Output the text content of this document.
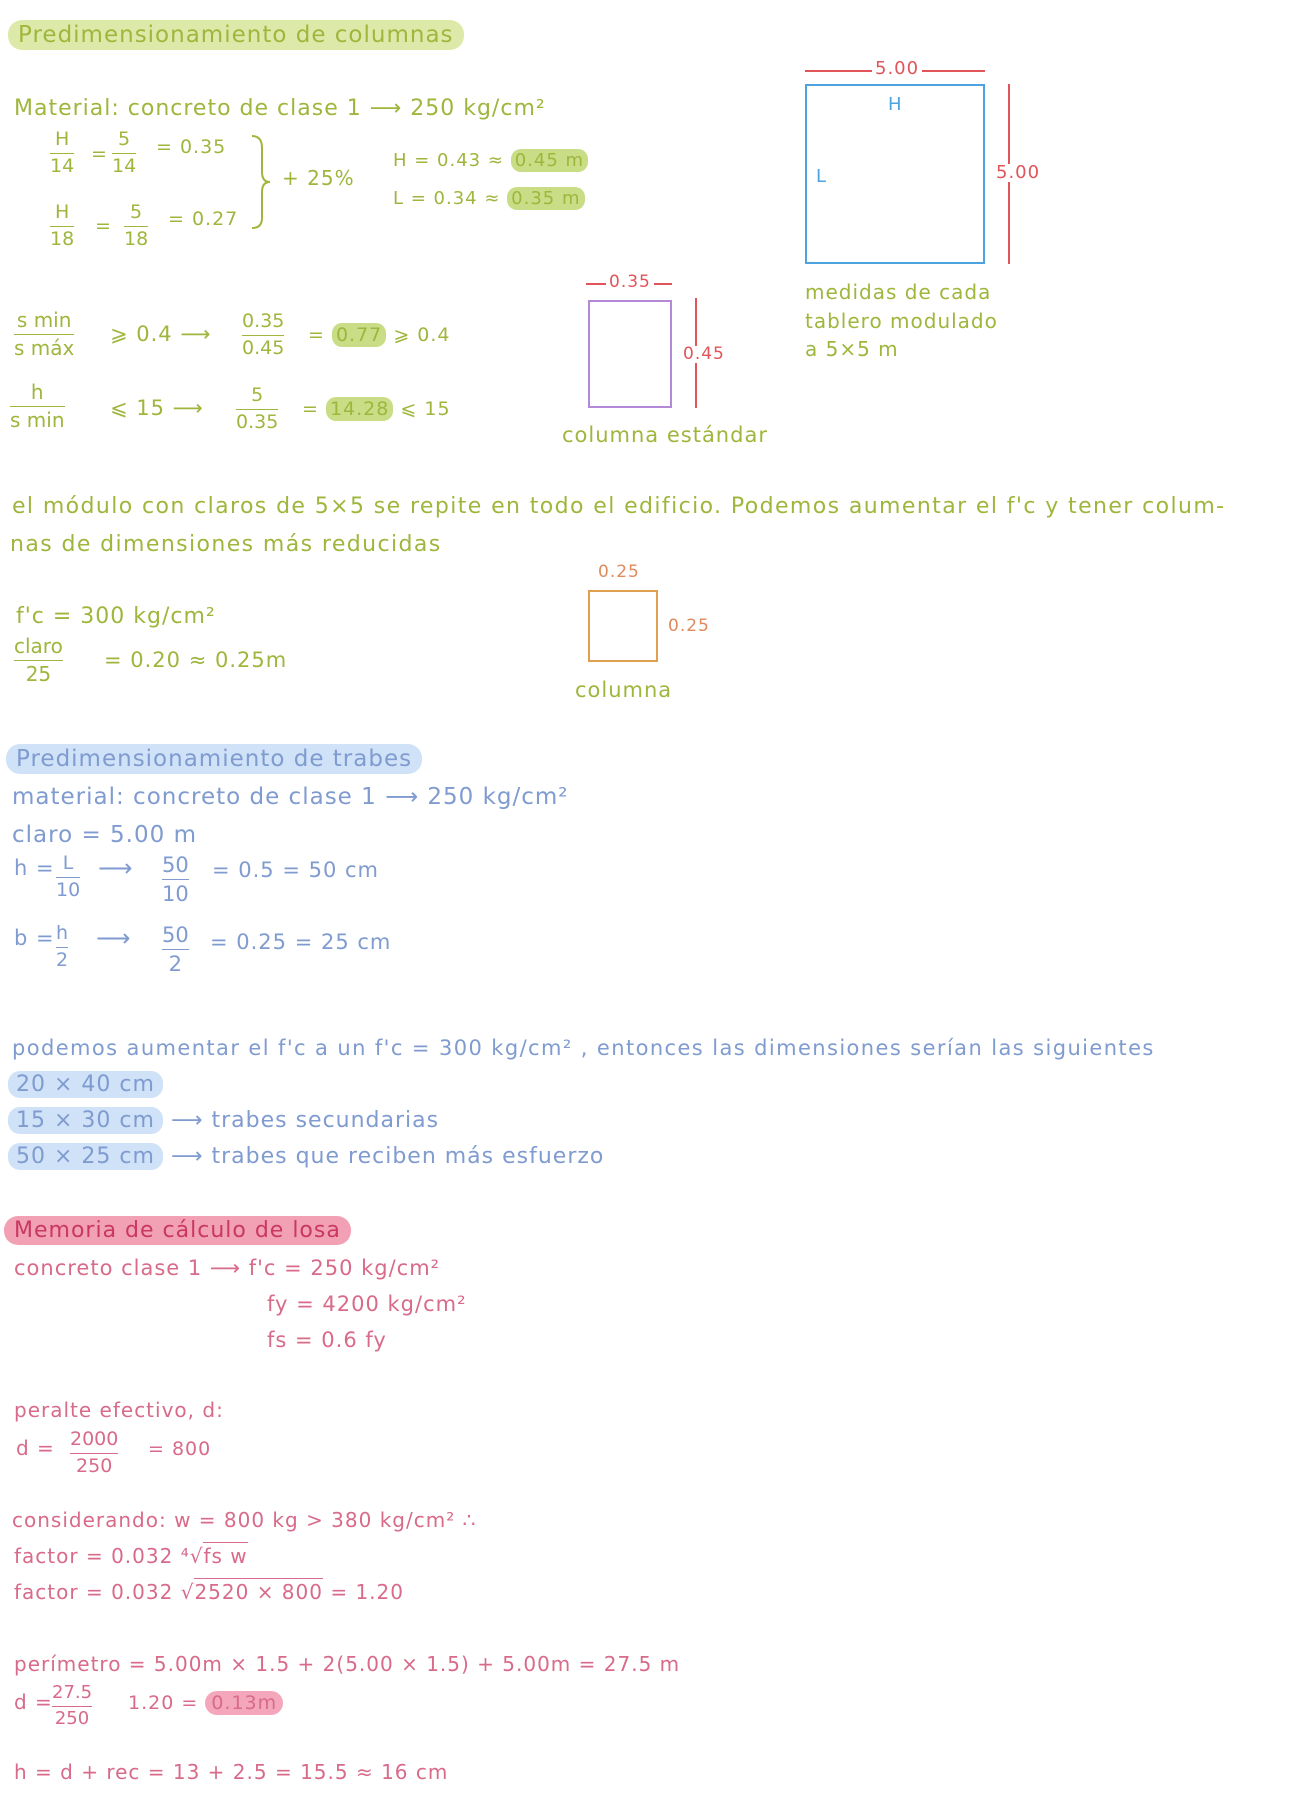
Predimensionamiento de columnas
Material: concreto de clase 1 ⟶ 250 kg/cm²
H
14
=
5
14
= 0.35
H
18
=
5
18
= 0.27
+ 25%
H = 0.43 ≈ 0.45 m
L = 0.34 ≈ 0.35 m
s min
s máx
⩾ 0.4 ⟶
0.35
0.45
= 0.77 ⩾ 0.4
h
s min ⩽ 15 ⟶
5
0.35
= 14.28 ⩽ 15
0.35
0.45
columna estándar
5.00
H
L	5.00
medidas de cada
tablero modulado
a 5×5 m
el módulo con claros de 5×5 se repite en todo el edificio. Podemos aumentar el f'c y tener colum-
nas de dimensiones más reducidas
f'c = 300 kg/cm²
claro
25
= 0.20 ≈ 0.25m
0.25
0.25
columna
Predimensionamiento de trabes
material: concreto de clase 1 ⟶ 250 kg/cm²
claro = 5.00 m
h = L
10
⟶ 50
10
= 0.5 = 50 cm
b = h
2
⟶ 50
2
= 0.25 = 25 cm
podemos aumentar el f'c a un f'c = 300 kg/cm² , entonces las dimensiones serían las siguientes
20 × 40 cm
15 × 30 cm ⟶ trabes secundarias
50 × 25 cm ⟶ trabes que reciben más esfuerzo
Memoria de cálculo de losa
concreto clase 1 ⟶ f'c = 250 kg/cm²
fy = 4200 kg/cm²
fs = 0.6 fy
peralte efectivo, d:
d = 2000
250
= 800
considerando: w = 800 kg > 380 kg/cm² ∴
factor = 0.032 ⁴√fs w
factor = 0.032 √2520 × 800 = 1.20
perímetro = 5.00m × 1.5 + 2(5.00 × 1.5) + 5.00m = 27.5 m
d = 27.5
250
1.20 = 0.13m
h = d + rec = 13 + 2.5 = 15.5 ≈ 16 cm
